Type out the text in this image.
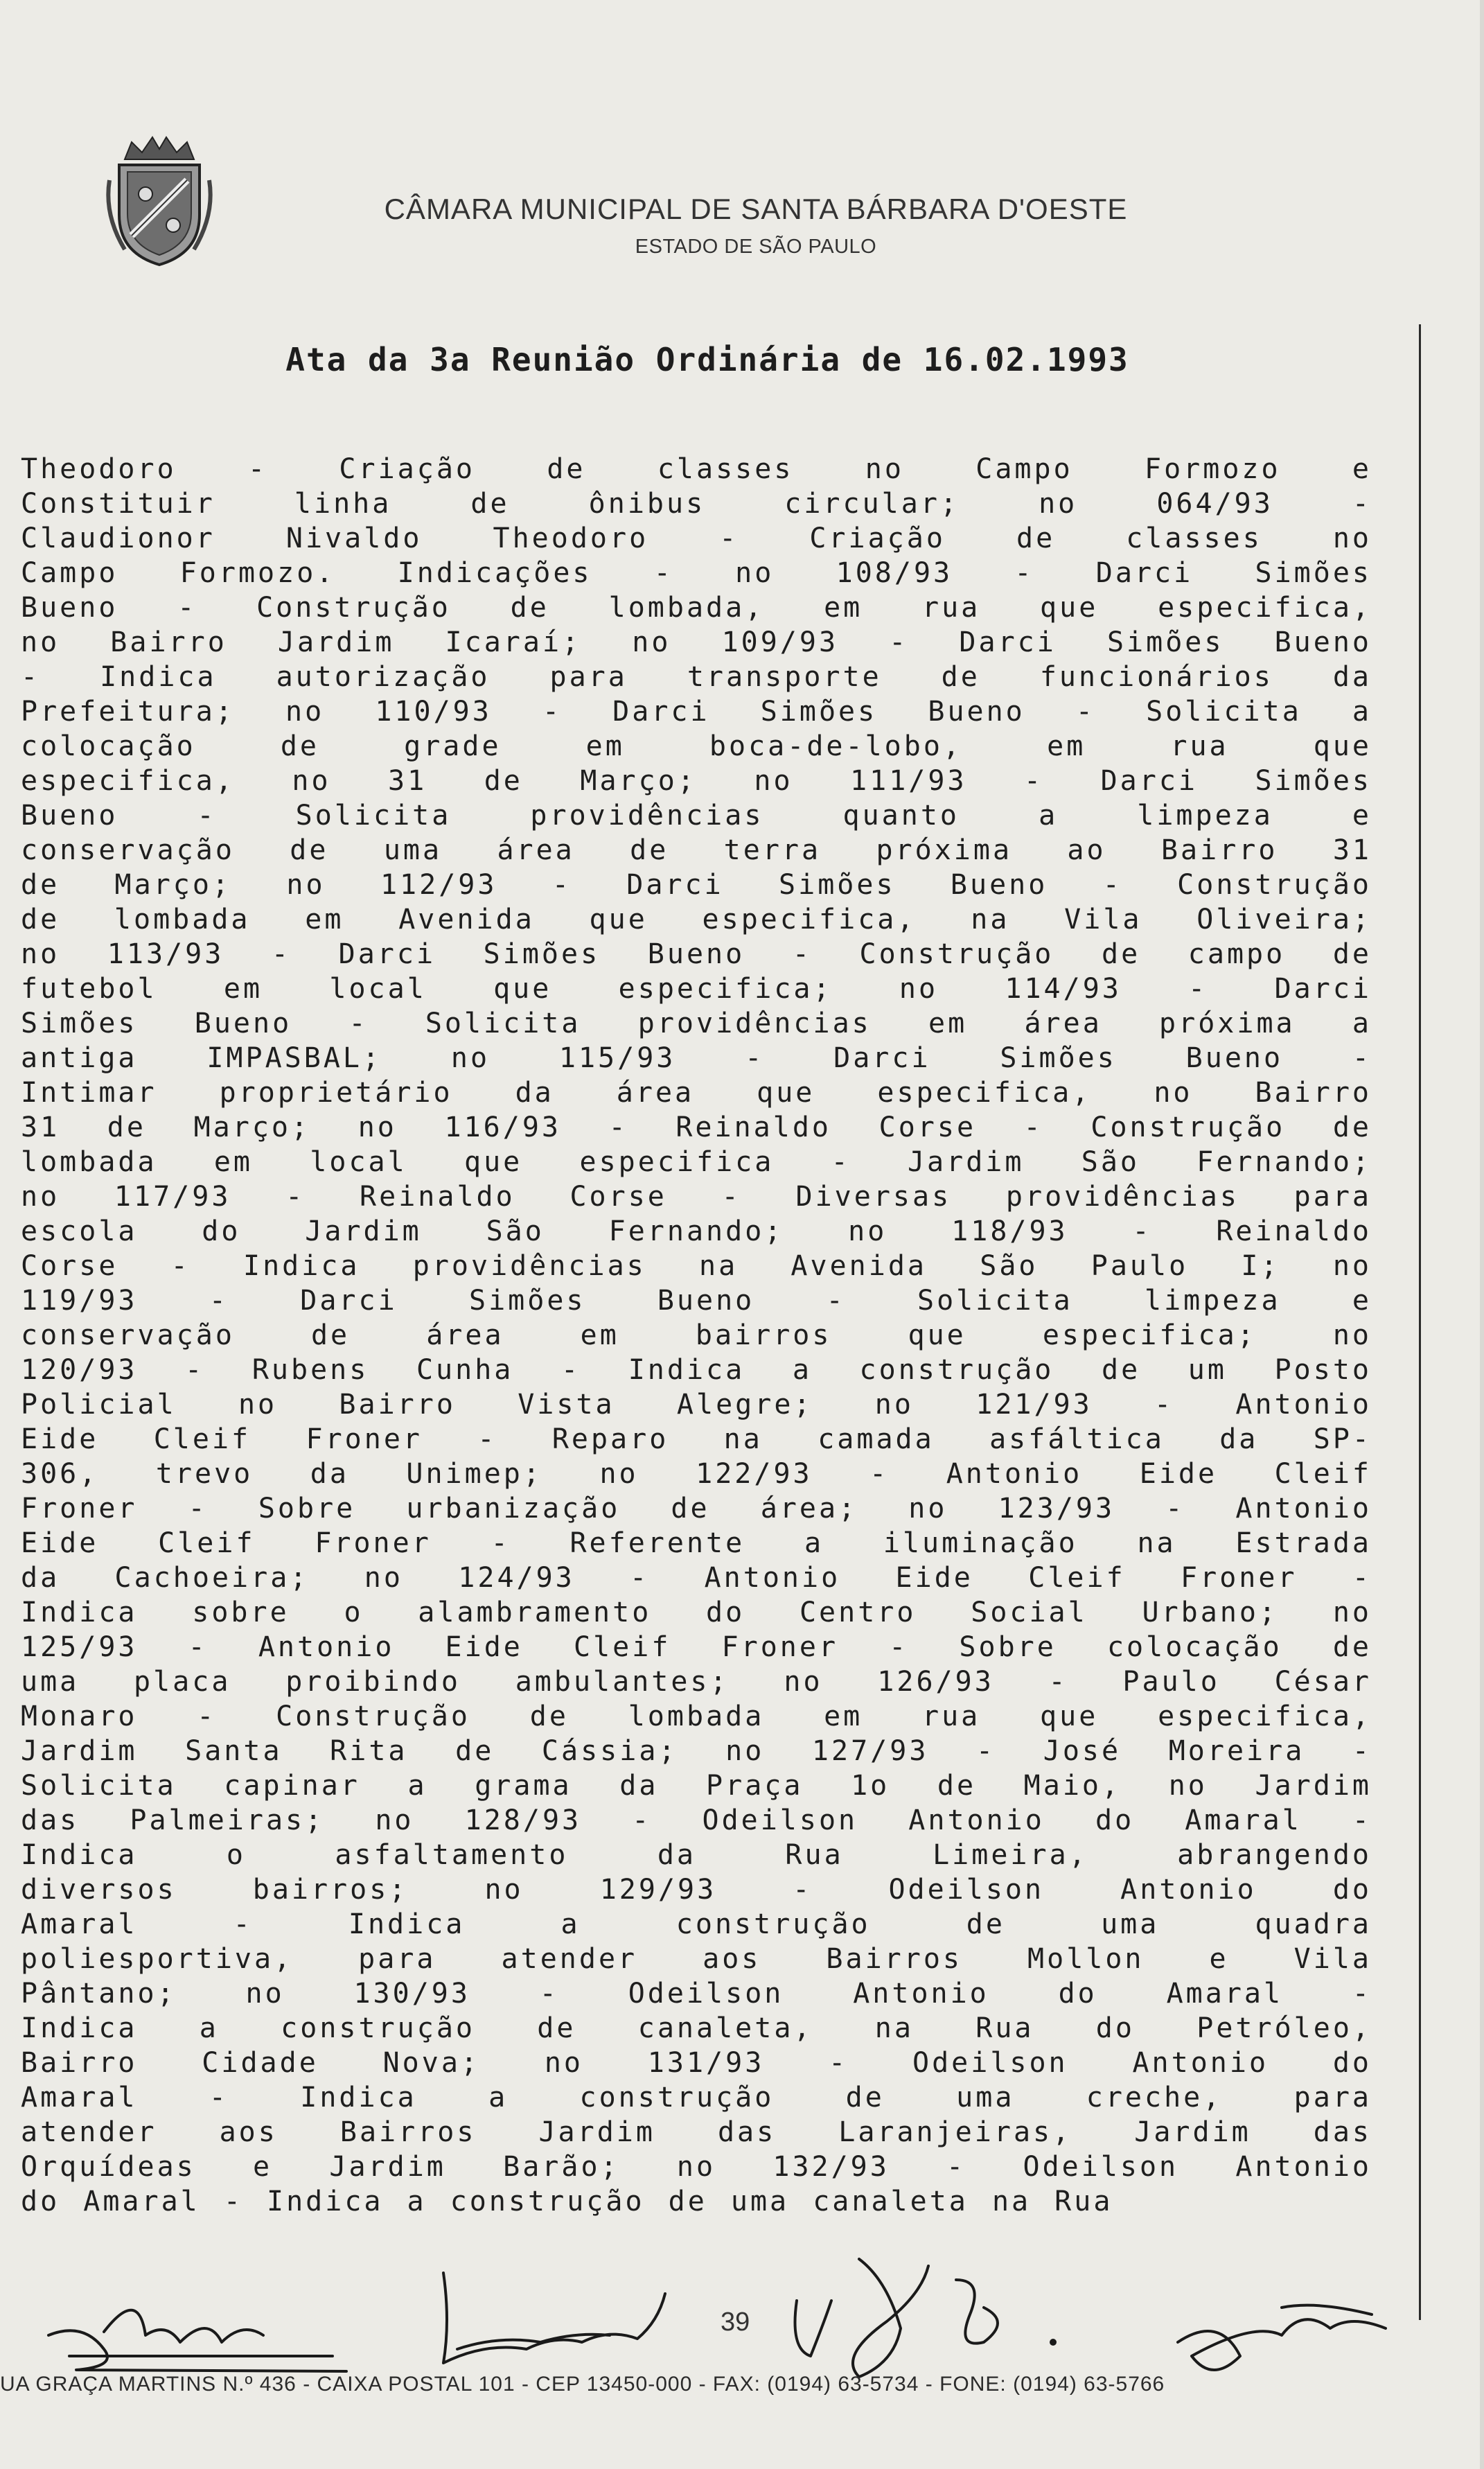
CÂMARA MUNICIPAL DE SANTA BÁRBARA D'OESTE
ESTADO DE SÃO PAULO
Ata da 3a Reunião Ordinária de 16.02.1993
Theodoro - Criação de classes no Campo Formozo e
Constituir linha de ônibus circular; no 064/93 -
Claudionor Nivaldo Theodoro - Criação de classes no
Campo Formozo. Indicações - no 108/93 - Darci Simões
Bueno - Construção de lombada, em rua que especifica,
no Bairro Jardim Icaraí; no 109/93 - Darci Simões Bueno
- Indica autorização para transporte de funcionários da
Prefeitura; no 110/93 - Darci Simões Bueno - Solicita a
colocação de grade em boca-de-lobo, em rua que
especifica, no 31 de Março; no 111/93 - Darci Simões
Bueno - Solicita providências quanto a limpeza e
conservação de uma área de terra próxima ao Bairro 31
de Março; no 112/93 - Darci Simões Bueno - Construção
de lombada em Avenida que especifica, na Vila Oliveira;
no 113/93 - Darci Simões Bueno - Construção de campo de
futebol em local que especifica; no 114/93 - Darci
Simões Bueno - Solicita providências em área próxima a
antiga IMPASBAL; no 115/93 - Darci Simões Bueno -
Intimar proprietário da área que especifica, no Bairro
31 de Março; no 116/93 - Reinaldo Corse - Construção de
lombada em local que especifica - Jardim São Fernando;
no 117/93 - Reinaldo Corse - Diversas providências para
escola do Jardim São Fernando; no 118/93 - Reinaldo
Corse - Indica providências na Avenida São Paulo I; no
119/93 - Darci Simões Bueno - Solicita limpeza e
conservação de área em bairros que especifica; no
120/93 - Rubens Cunha - Indica a construção de um Posto
Policial no Bairro Vista Alegre; no 121/93 - Antonio
Eide Cleif Froner - Reparo na camada asfáltica da SP-
306, trevo da Unimep; no 122/93 - Antonio Eide Cleif
Froner - Sobre urbanização de área; no 123/93 - Antonio
Eide Cleif Froner - Referente a iluminação na Estrada
da Cachoeira; no 124/93 - Antonio Eide Cleif Froner -
Indica sobre o alambramento do Centro Social Urbano; no
125/93 - Antonio Eide Cleif Froner - Sobre colocação de
uma placa proibindo ambulantes; no 126/93 - Paulo César
Monaro - Construção de lombada em rua que especifica,
Jardim Santa Rita de Cássia; no 127/93 - José Moreira -
Solicita capinar a grama da Praça 1o de Maio, no Jardim
das Palmeiras; no 128/93 - Odeilson Antonio do Amaral -
Indica o asfaltamento da Rua Limeira, abrangendo
diversos bairros; no 129/93 - Odeilson Antonio do
Amaral - Indica a construção de uma quadra
poliesportiva, para atender aos Bairros Mollon e Vila
Pântano; no 130/93 - Odeilson Antonio do Amaral -
Indica a construção de canaleta, na Rua do Petróleo,
Bairro Cidade Nova; no 131/93 - Odeilson Antonio do
Amaral - Indica a construção de uma creche, para
atender aos Bairros Jardim das Laranjeiras, Jardim das
Orquídeas e Jardim Barão; no 132/93 - Odeilson Antonio
do Amaral - Indica a construção de uma canaleta na Rua
39
UA GRAÇA MARTINS N.º 436 - CAIXA POSTAL 101 - CEP 13450-000 - FAX: (0194) 63-5734 - FONE: (0194) 63-5766
